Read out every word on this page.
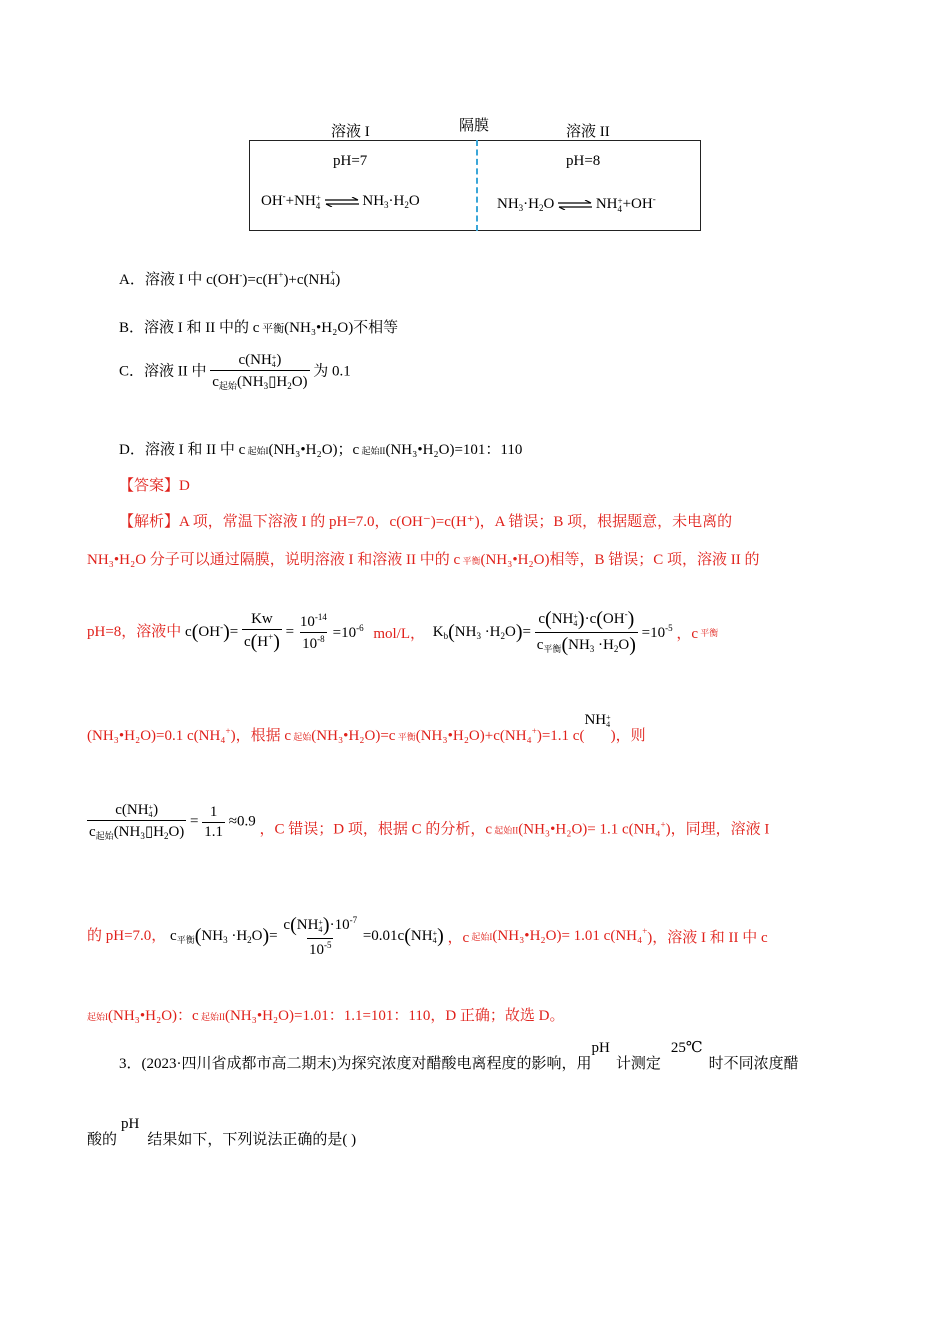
溶液 I	隔膜	溶液 II
pH=7	pH=8
OH-+NH +
4 ⇌ $NH_3\cdot H_2O$	$NH_3\cdot H_2O$ ⇌ NH +
4 +OH-
A．溶液 I 中 c(OH-)=c(H+)+c(NH +
4 )
B．溶液 I 和 II 中的 c 平衡(NH₃•H₂O)不相等
C．溶液 II 中 c(NH +
4 )
$c_{起始}(NH_3▯H_2O)$ 为 0.1
D．溶液 I 和 II 中 c 起始I(NH₃•H₂O)；c 起始II(NH₃•H₂O)=101：110
【答案】D
【解析】A 项，常温下溶液 I 的 pH=7.0，c(OH⁻)=c(H⁺)，A 错误；B 项，根据题意，未电离的
NH₃•H₂O 分子可以通过隔膜，说明溶液 I 和溶液 II 中的 c 平衡(NH₃•H₂O)相等，B 错误；C 项，溶液 II 的
pH=8，溶液中 $c(OH^-)= \frac{Kw}{c(H^+)} = \frac{10^{-14}}{10^{-8}} =10^{-6}$ mol/L， $K_b(NH_3 \cdot H_2O)= c(NH$ +
4 )·c(OH-)
$c_{平衡}(NH_3 \cdot H_2O) =10^{-5}$ ，c 平衡
(NH₃•H₂O)=0.1 c(NH₄+)，根据 c 起始(NH₃•H₂O)=c 平衡(NH₃•H₂O)+c(NH₄+)=1.1 c(NH +
4
)，则
c(NH +
4 )
$c_{起始}(NH_3▯H_2O) = \frac{1}{1.1} \approx 0.9$ ，C 错误；D 项，根据 C 的分析，c $_{起始II}$(NH₃•H₂O)= 1.1 $c(NH_4_+)$，同理，溶液 I
的 pH=7.0， $c_{平衡}(NH_3 \cdot H_2O)= c(NH$ +
4 )$\cdot 10^{-7}$
$10^{-5} =0.01c(NH$ +
4 ) ，c 起始I(NH₃•H₂O)= 1.01 c(NH₄+)，溶液 I 和 II 中 c
起始I(NH₃•H₂O)：c 起始II(NH₃•H₂O)=1.01：1.1=101：110，D 正确；故选 D。
3．(2023·四川省成都市高二期末)为探究浓度对醋酸电离程度的影响，用pH计测定25℃时不同浓度醋
酸的pH结果如下，下列说法正确的是( )
